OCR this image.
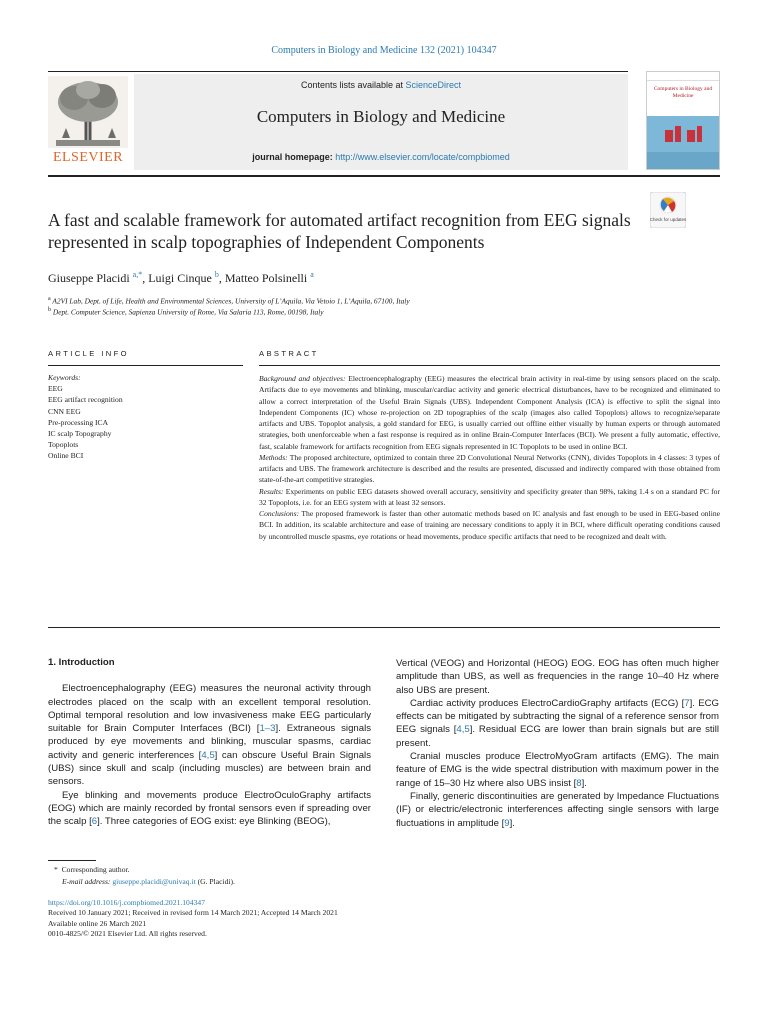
Computers in Biology and Medicine 132 (2021) 104347
ELSEVIER
Contents lists available at ScienceDirect
Computers in Biology and Medicine
journal homepage: http://www.elsevier.com/locate/compbiomed
Computers in Biology and Medicine
A fast and scalable framework for automated artifact recognition from EEG signals represented in scalp topographies of Independent Components
Check for updates
Giuseppe Placidi $^{a,*}$, Luigi Cinque $^b$, Matteo Polsinelli $^a$
$^a$ A2VI Lab, Dept. of Life, Health and Environmental Sciences, University of L’Aquila, Via Vetoio 1, L’Aquila, 67100, Italy
$^b$ Dept. Computer Science, Sapienza University of Rome, Via Salaria 113, Rome, 00198, Italy
ARTICLE INFO	ABSTRACT
Keywords:
EEG
EEG artifact recognition
CNN EEG
Pre-processing ICA
IC scalp Topography
Topoplots
Online BCI

Background and objectives: Electroencephalography (EEG) measures the electrical brain activity in real-time by using sensors placed on the scalp. Artifacts due to eye movements and blinking, muscular/cardiac activity and generic electrical disturbances, have to be recognized and eliminated to allow a correct interpretation of the Useful Brain Signals (UBS). Independent Component Analysis (ICA) is effective to split the signal into Independent Components (IC) whose re-projection on 2D topographies of the scalp (images also called Topoplots) allows to recognize/separate artifacts and UBS. Topoplot analysis, a gold standard for EEG, is usually carried out offline either visually by human experts or through automated strategies, both unenforceable when a fast response is required as in online Brain-Computer Interfaces (BCI). We present a fully automatic, effective, fast, scalable framework for artifacts recognition from EEG signals represented in IC Topoplots to be used in online BCI.

Methods: The proposed architecture, optimized to contain three 2D Convolutional Neural Networks (CNN), divides Topoplots in 4 classes: 3 types of artifacts and UBS. The framework architecture is described and the results are presented, discussed and indirectly compared with those obtained from state-of-the-art competitive strategies.

Results: Experiments on public EEG datasets showed overall accuracy, sensitivity and specificity greater than 98%, taking 1.4 s on a standard PC for 32 Topoplots, i.e. for an EEG system with at least 32 sensors.

Conclusions: The proposed framework is faster than other automatic methods based on IC analysis and fast enough to be used in EEG-based online BCI. In addition, its scalable architecture and ease of training are necessary conditions to apply it in BCI, where difficult operating conditions caused by uncontrolled muscle spasms, eye rotations or head movements, produce specific artifacts that need to be recognized and dealt with.

1. Introduction

Electroencephalography (EEG) measures the neuronal activity through electrodes placed on the scalp with an excellent temporal resolution. Optimal temporal resolution and low invasiveness make EEG particularly suitable for Brain Computer Interfaces (BCI) [1–3]. Extraneous signals produced by eye movements and blinking, muscular spasms, cardiac activity and generic interferences [4,5] can obscure Useful Brain Signals (UBS) since skull and scalp (including muscles) are between brain and sensors.

Eye blinking and movements produce ElectroOculoGraphy artifacts (EOG) which are mainly recorded by frontal sensors even if spreading over the scalp [6]. Three categories of EOG exist: eye Blinking (BEOG),

Vertical (VEOG) and Horizontal (HEOG) EOG. EOG has often much higher amplitude than UBS, as well as frequencies in the range 10–40 Hz where also UBS are present.

Cardiac activity produces ElectroCardioGraphy artifacts (ECG) [7]. ECG effects can be mitigated by subtracting the signal of a reference sensor from EEG signals [4,5]. Residual ECG are lower than brain signals but are still present.

Cranial muscles produce ElectroMyoGram artifacts (EMG). The main feature of EMG is the wide spectral distribution with maximum power in the range of 15–30 Hz where also UBS insist [8].

Finally, generic discontinuities are generated by Impedance Fluctuations (IF) or electric/electronic interferences affecting single sensors with large fluctuations in amplitude [9].

* Corresponding author.
E-mail address: giuseppe.placidi@univaq.it (G. Placidi).
https://doi.org/10.1016/j.compbiomed.2021.104347
Received 10 January 2021; Received in revised form 14 March 2021; Accepted 14 March 2021
Available online 26 March 2021
0010-4825/© 2021 Elsevier Ltd. All rights reserved.
